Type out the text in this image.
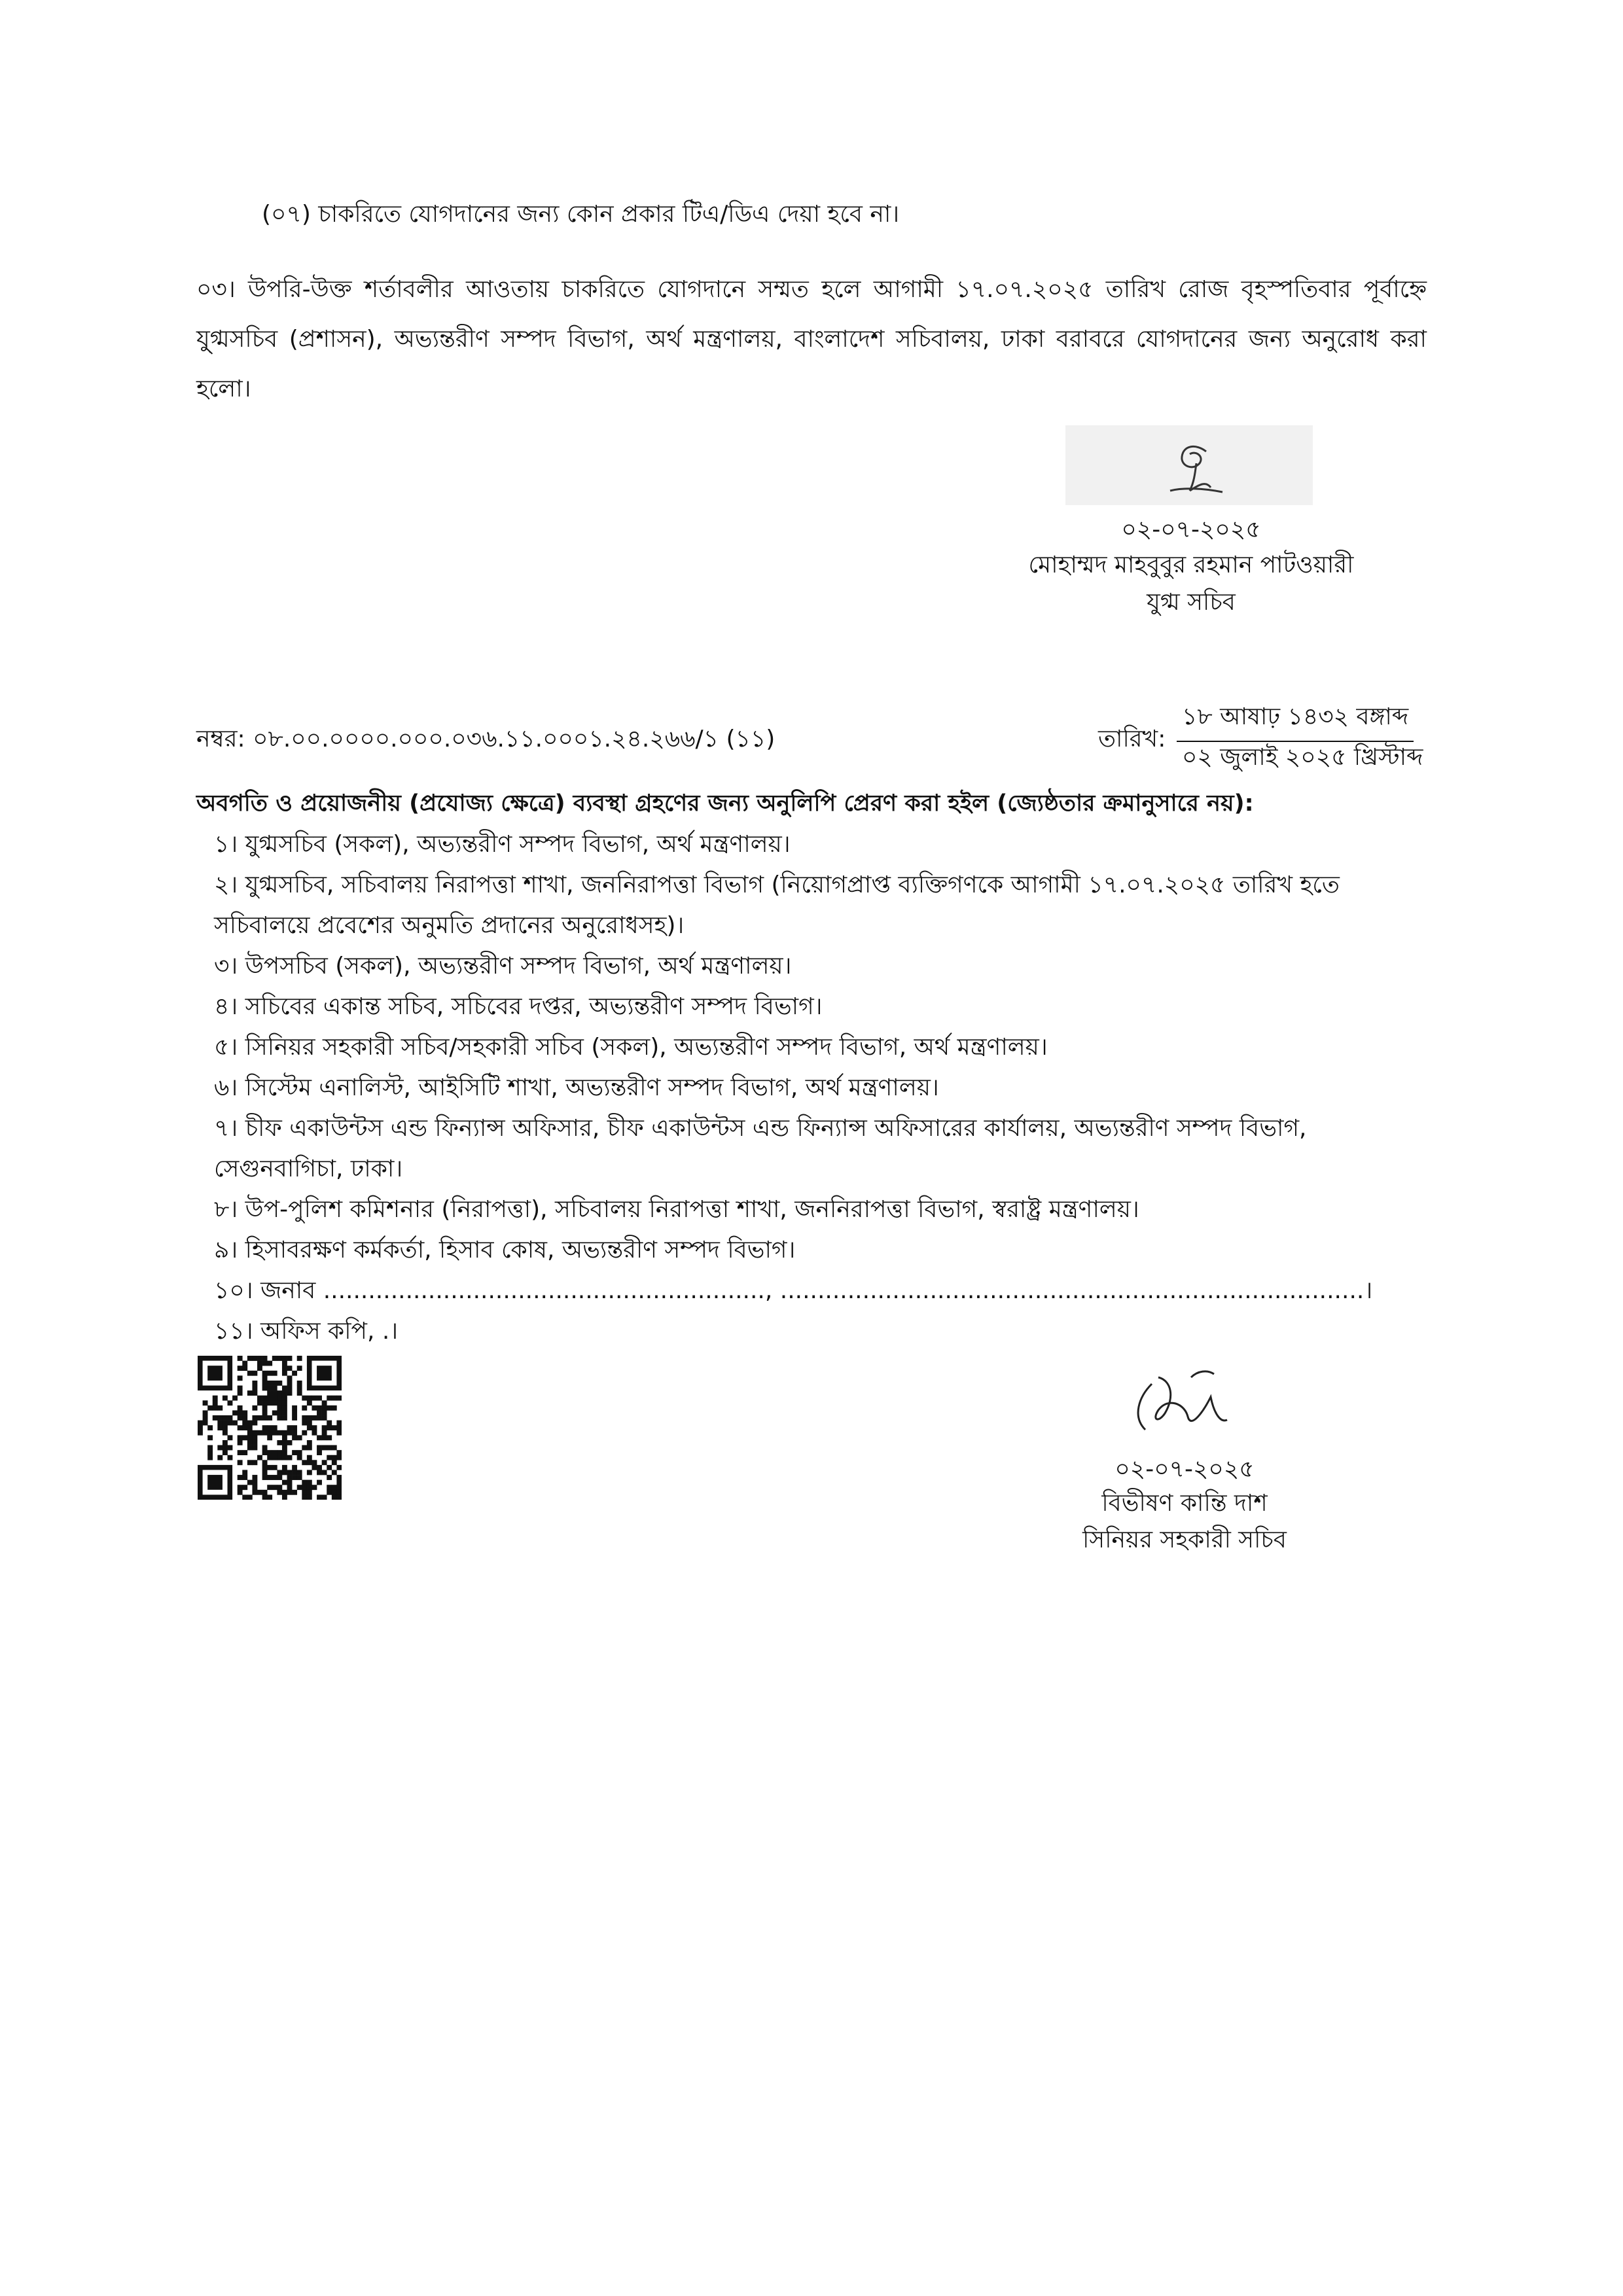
(০৭) চাকরিতে যোগদানের জন্য কোন প্রকার টিএ/ডিএ দেয়া হবে না।
০৩। উপরি-উক্ত শর্তাবলীর আওতায় চাকরিতে যোগদানে সম্মত হলে আগামী ১৭.০৭.২০২৫ তারিখ রোজ বৃহস্পতিবার পূর্বাহ্নে যু্গ্মসচিব (প্রশাসন), অভ্যন্তরীণ সম্পদ বিভাগ, অর্থ মন্ত্রণালয়, বাংলাদেশ সচিবালয়, ঢাকা বরাবরে যোগদানের জন্য অনুরোধ করা হলো।
০২-০৭-২০২৫
মোহাম্মদ মাহবুবুর রহমান পাটওয়ারী
যুগ্ম সচিব
নম্বর: ০৮.০০.০০০০.০০০.০৩৬.১১.০০০১.২৪.২৬৬/১ (১১)	তারিখ:
১৮ আষাঢ় ১৪৩২ বঙ্গাব্দ
০২ জুলাই ২০২৫ খ্রিস্টাব্দ
অবগতি ও প্রয়োজনীয় (প্রযোজ্য ক্ষেত্রে) ব্যবস্থা গ্রহণের জন্য অনুলিপি প্রেরণ করা হইল (জ্যেষ্ঠতার ক্রমানুসারে নয়):
১। যুগ্মসচিব (সকল), অভ্যন্তরীণ সম্পদ বিভাগ, অর্থ মন্ত্রণালয়।
২। যুগ্মসচিব, সচিবালয় নিরাপত্তা শাখা, জননিরাপত্তা বিভাগ (নিয়োগপ্রাপ্ত ব্যক্তিগণকে আগামী ১৭.০৭.২০২৫ তারিখ হতে সচিবালয়ে প্রবেশের অনুমতি প্রদানের অনুরোধসহ)।
৩। উপসচিব (সকল), অভ্যন্তরীণ সম্পদ বিভাগ, অর্থ মন্ত্রণালয়।
৪। সচিবের একান্ত সচিব, সচিবের দপ্তর, অভ্যন্তরীণ সম্পদ বিভাগ।
৫। সিনিয়র সহকারী সচিব/সহকারী সচিব (সকল), অভ্যন্তরীণ সম্পদ বিভাগ, অর্থ মন্ত্রণালয়।
৬। সিস্টেম এনালিস্ট, আইসিটি শাখা, অভ্যন্তরীণ সম্পদ বিভাগ, অর্থ মন্ত্রণালয়।
৭। চীফ একাউন্টস এন্ড ফিন্যান্স অফিসার, চীফ একাউন্টস এন্ড ফিন্যান্স অফিসারের কার্যালয়, অভ্যন্তরীণ সম্পদ বিভাগ, সেগুনবাগিচা, ঢাকা।
৮। উপ-পুলিশ কমিশনার (নিরাপত্তা), সচিবালয় নিরাপত্তা শাখা, জননিরাপত্তা বিভাগ, স্বরাষ্ট্র মন্ত্রণালয়।
৯। হিসাবরক্ষণ কর্মকর্তা, হিসাব কোষ, অভ্যন্তরীণ সম্পদ বিভাগ।
১০। জনাব ..........................................................., ..............................................................................।
১১। অফিস কপি, .।
০২-০৭-২০২৫
বিভীষণ কান্তি দাশ
সিনিয়র সহকারী সচিব
